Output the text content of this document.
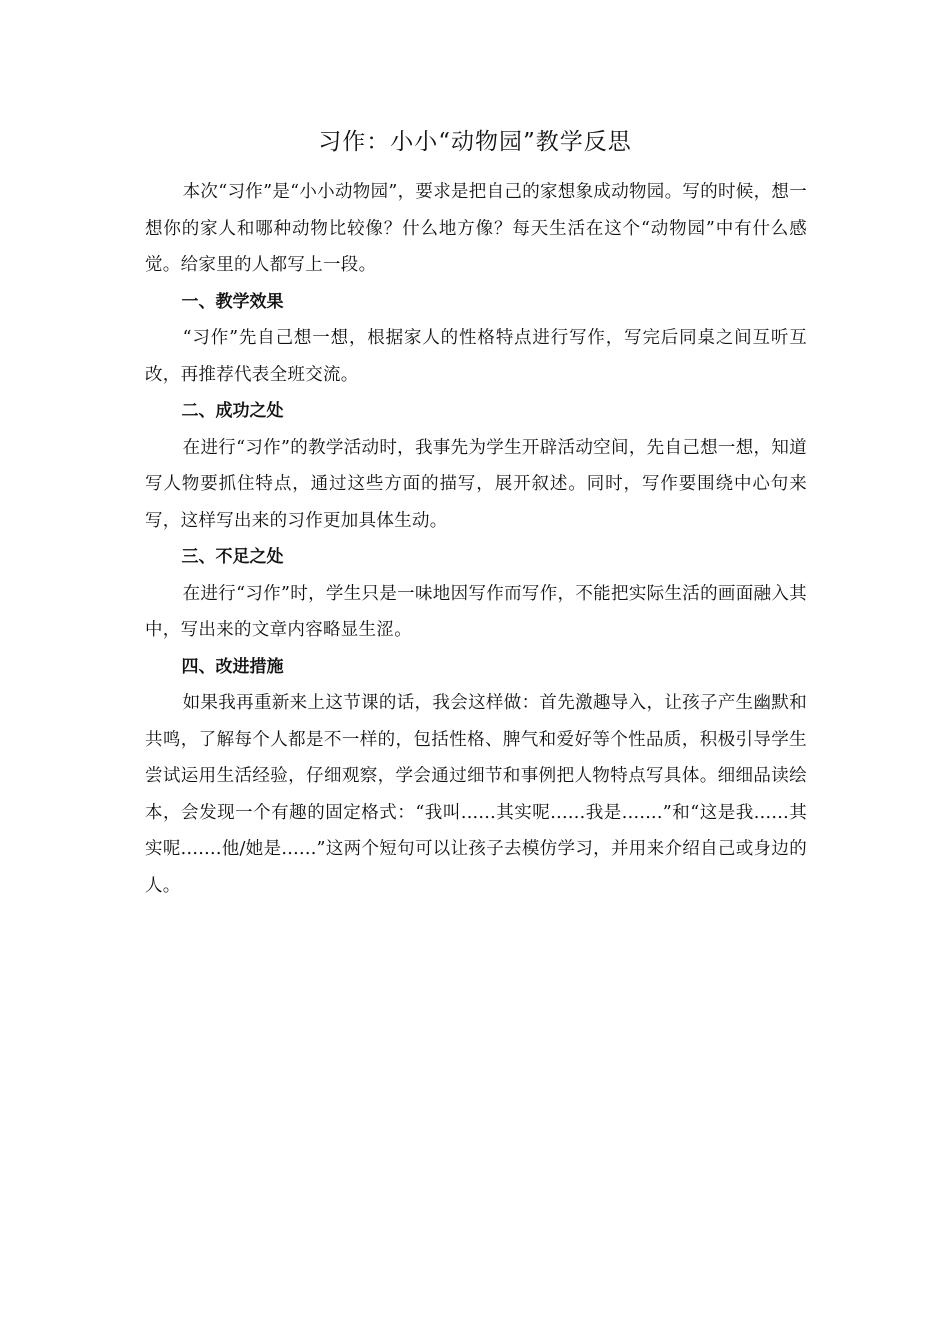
习作：小小“动物园”教学反思

本次“习作”是“小小动物园”，要求是把自己的家想象成动物园。写的时候，想一想你的家人和哪种动物比较像？什么地方像？每天生活在这个“动物园”中有什么感觉。给家里的人都写上一段。

一、教学效果

“习作”先自己想一想，根据家人的性格特点进行写作，写完后同桌之间互听互改，再推荐代表全班交流。

二、成功之处

在进行“习作”的教学活动时，我事先为学生开辟活动空间，先自己想一想，知道写人物要抓住特点，通过这些方面的描写，展开叙述。同时，写作要围绕中心句来写，这样写出来的习作更加具体生动。

三、不足之处

在进行“习作”时，学生只是一味地因写作而写作，不能把实际生活的画面融入其中，写出来的文章内容略显生涩。

四、改进措施

如果我再重新来上这节课的话，我会这样做：首先激趣导入，让孩子产生幽默和共鸣，了解每个人都是不一样的，包括性格、脾气和爱好等个性品质，积极引导学生尝试运用生活经验，仔细观察，学会通过细节和事例把人物特点写具体。细细品读绘本，会发现一个有趣的固定格式：“我叫......其实呢......我是.......”和“这是我......其实呢.......他/她是......”这两个短句可以让孩子去模仿学习，并用来介绍自己或身边的人。
